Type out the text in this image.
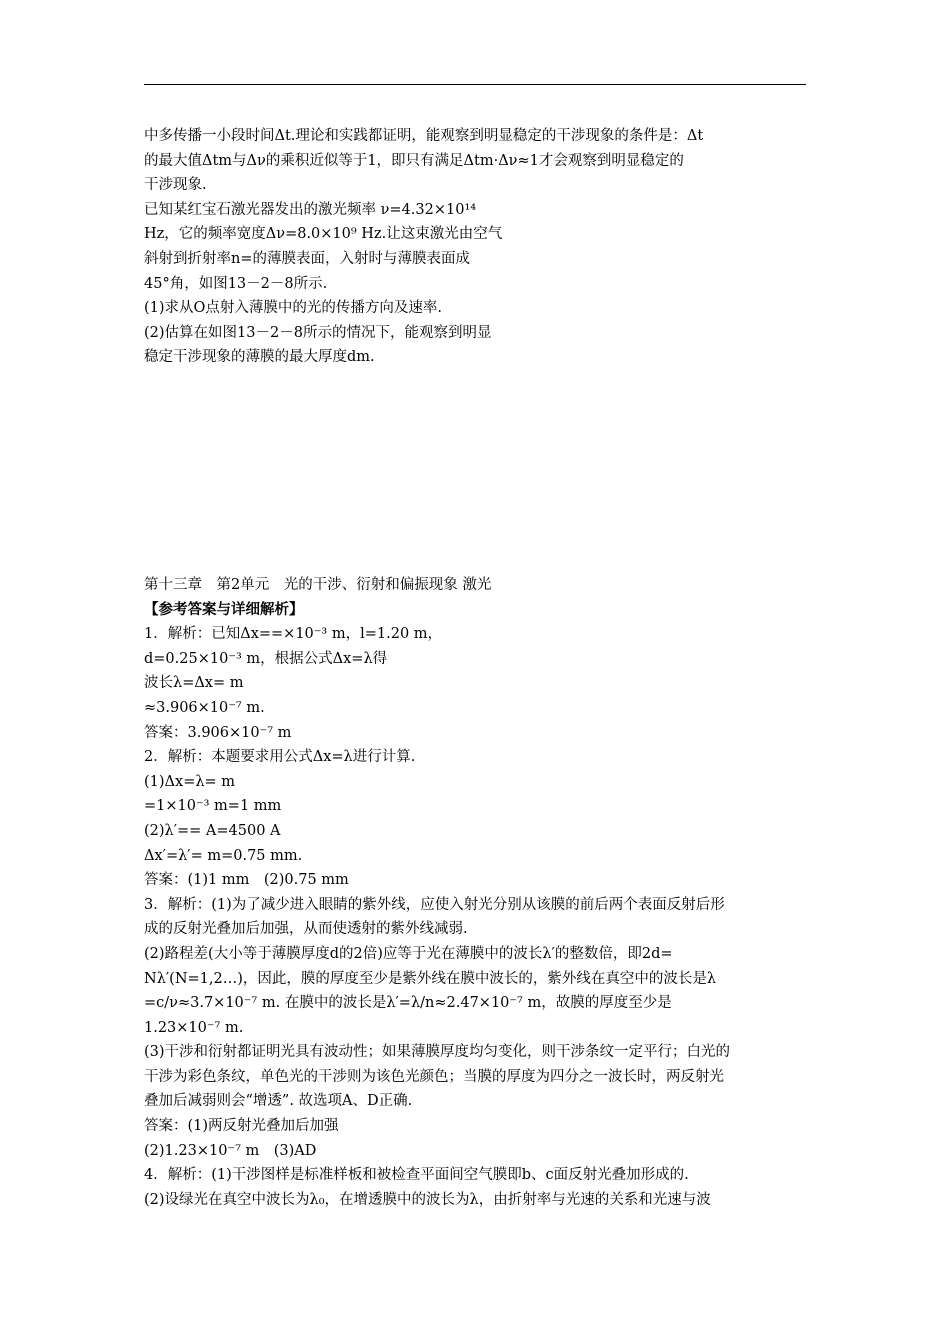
中多传播一小段时间Δt.理论和实践都证明，能观察到明显稳定的干涉现象的条件是：Δt
的最大值Δtm与Δν的乘积近似等于1，即只有满足Δtm·Δν≈1才会观察到明显稳定的
干涉现象.
已知某红宝石激光器发出的激光频率 ν=4.32×10¹⁴
Hz，它的频率宽度Δν=8.0×10⁹ Hz.让这束激光由空气
斜射到折射率n=的薄膜表面，入射时与薄膜表面成
45°角，如图13－2－8所示.
(1)求从O点射入薄膜中的光的传播方向及速率.
(2)估算在如图13－2－8所示的情况下，能观察到明显
稳定干涉现象的薄膜的最大厚度dm.
第十三章　第2单元　光的干涉、衍射和偏振现象 激光
【参考答案与详细解析】
1．解析：已知Δx==×10⁻³ m，l=1.20 m，
d=0.25×10⁻³ m，根据公式Δx=λ得
波长λ=Δx= m
≈3.906×10⁻⁷ m.
答案：3.906×10⁻⁷ m
2．解析：本题要求用公式Δx=λ进行计算.
(1)Δx=λ= m
=1×10⁻³ m=1 mm
(2)λ′== A=4500 A
Δx′=λ′= m=0.75 mm.
答案：(1)1 mm　(2)0.75 mm
3．解析：(1)为了减少进入眼睛的紫外线，应使入射光分别从该膜的前后两个表面反射后形
成的反射光叠加后加强，从而使透射的紫外线减弱.
(2)路程差(大小等于薄膜厚度d的2倍)应等于光在薄膜中的波长λ′的整数倍，即2d=
Nλ′(N=1,2…)，因此，膜的厚度至少是紫外线在膜中波长的，紫外线在真空中的波长是λ
=c/ν≈3.7×10⁻⁷ m. 在膜中的波长是λ′=λ/n≈2.47×10⁻⁷ m，故膜的厚度至少是
1.23×10⁻⁷ m.
(3)干涉和衍射都证明光具有波动性；如果薄膜厚度均匀变化，则干涉条纹一定平行；白光的
干涉为彩色条纹，单色光的干涉则为该色光颜色；当膜的厚度为四分之一波长时，两反射光
叠加后减弱则会“增透”. 故选项A、D正确.
答案：(1)两反射光叠加后加强
(2)1.23×10⁻⁷ m　(3)AD
4．解析：(1)干涉图样是标准样板和被检查平面间空气膜即b、c面反射光叠加形成的.
(2)设绿光在真空中波长为λ₀，在增透膜中的波长为λ，由折射率与光速的关系和光速与波
